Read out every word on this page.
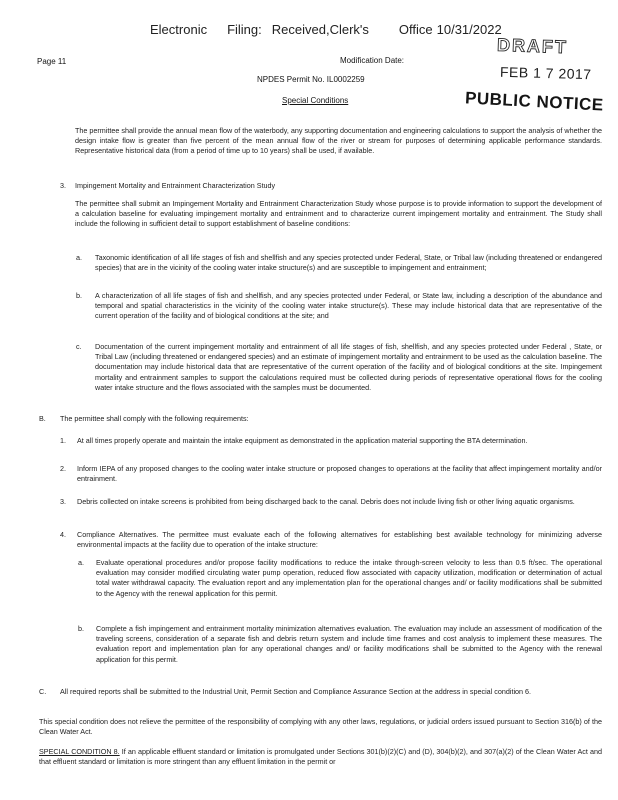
Electronic Filing: Received,Clerk's Office 10/31/2022
Page 11	Modification Date:
NPDES Permit No. IL0002259
Special Conditions
DRAFT
FEB 1 7 2017
PUBLIC NOTICE
The permittee shall provide the annual mean flow of the waterbody, any supporting documentation and engineering calculations to support the analysis of whether the design intake flow is greater than five percent of the mean annual flow of the river or stream for purposes of determining applicable performance standards. Representative historical data (from a period of time up to 10 years) shall be used, if available.
3. Impingement Mortality and Entrainment Characterization Study
The permittee shall submit an Impingement Mortality and Entrainment Characterization Study whose purpose is to provide information to support the development of a calculation baseline for evaluating impingement mortality and entrainment and to characterize current impingement mortality and entrainment. The Study shall include the following in sufficient detail to support establishment of baseline conditions:
a. Taxonomic identification of all life stages of fish and shellfish and any species protected under Federal, State, or Tribal law (including threatened or endangered species) that are in the vicinity of the cooling water intake structure(s) and are susceptible to impingement and entrainment;
b. A characterization of all life stages of fish and shellfish, and any species protected under Federal, or State law, including a description of the abundance and temporal and spatial characteristics in the vicinity of the cooling water intake structure(s). These may include historical data that are representative of the current operation of the facility and of biological conditions at the site; and
c. Documentation of the current impingement mortality and entrainment of all life stages of fish, shellfish, and any species protected under Federal , State, or Tribal Law (including threatened or endangered species) and an estimate of impingement mortality and entrainment to be used as the calculation baseline. The documentation may include historical data that are representative of the current operation of the facility and of biological conditions at the site. Impingement mortality and entrainment samples to support the calculations required must be collected during periods of representative operational flows for the cooling water intake structure and the flows associated with the samples must be documented.
B. The permittee shall comply with the following requirements:
1. At all times properly operate and maintain the intake equipment as demonstrated in the application material supporting the BTA determination.
2. Inform IEPA of any proposed changes to the cooling water intake structure or proposed changes to operations at the facility that affect impingement mortality and/or entrainment.
3. Debris collected on intake screens is prohibited from being discharged back to the canal. Debris does not include living fish or other living aquatic organisms.
4. Compliance Alternatives. The permittee must evaluate each of the following alternatives for establishing best available technology for minimizing adverse environmental impacts at the facility due to operation of the intake structure:
a. Evaluate operational procedures and/or propose facility modifications to reduce the intake through-screen velocity to less than 0.5 ft/sec. The operational evaluation may consider modified circulating water pump operation, reduced flow associated with capacity utilization, modification or determination of actual total water withdrawal capacity. The evaluation report and any implementation plan for the operational changes and/ or facility modifications shall be submitted to the Agency with the renewal application for this permit.
b. Complete a fish impingement and entrainment mortality minimization alternatives evaluation. The evaluation may include an assessment of modification of the traveling screens, consideration of a separate fish and debris return system and include time frames and cost analysis to implement these measures. The evaluation report and implementation plan for any operational changes and/ or facility modifications shall be submitted to the Agency with the renewal application for this permit.
C. All required reports shall be submitted to the Industrial Unit, Permit Section and Compliance Assurance Section at the address in special condition 6.
This special condition does not relieve the permittee of the responsibility of complying with any other laws, regulations, or judicial orders issued pursuant to Section 316(b) of the Clean Water Act.
SPECIAL CONDITION 8. If an applicable effluent standard or limitation is promulgated under Sections 301(b)(2)(C) and (D), 304(b)(2), and 307(a)(2) of the Clean Water Act and that effluent standard or limitation is more stringent than any effluent limitation in the permit or
